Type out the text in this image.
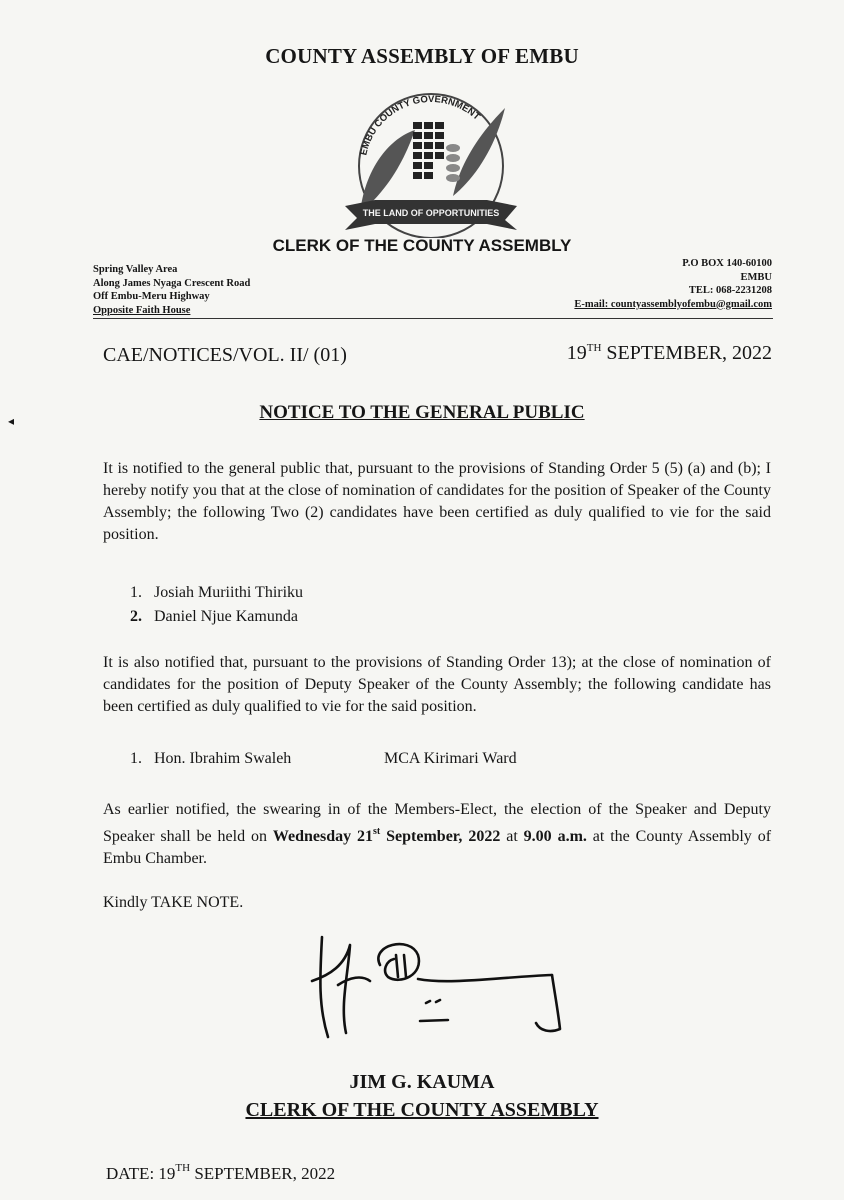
COUNTY ASSEMBLY OF EMBU
EMBU COUNTY GOVERNMENT
THE LAND OF OPPORTUNITIES
CLERK OF THE COUNTY ASSEMBLY
Spring Valley Area
Along James Nyaga Crescent Road
Off Embu-Meru Highway
Opposite Faith House
P.O BOX 140-60100
EMBU
TEL: 068-2231208
E-mail: countyassemblyofembu@gmail.com
CAE/NOTICES/VOL. II/ (01)	19TH SEPTEMBER, 2022
◂	NOTICE TO THE GENERAL PUBLIC
It is notified to the general public that, pursuant to the provisions of Standing Order 5 (5) (a) and (b); I hereby notify you that at the close of nomination of candidates for the position of Speaker of the County Assembly; the following Two (2) candidates have been certified as duly qualified to vie for the said position.
1. Josiah Muriithi Thiriku
2. Daniel Njue Kamunda
It is also notified that, pursuant to the provisions of Standing Order 13); at the close of nomination of candidates for the position of Deputy Speaker of the County Assembly; the following candidate has been certified as duly qualified to vie for the said position.
1. Hon. Ibrahim Swaleh	MCA Kirimari Ward
As earlier notified, the swearing in of the Members-Elect, the election of the Speaker and Deputy Speaker shall be held on Wednesday 21st September, 2022 at 9.00 a.m. at the County Assembly of Embu Chamber.
Kindly TAKE NOTE.
JIM G. KAUMA
CLERK OF THE COUNTY ASSEMBLY
DATE: 19TH SEPTEMBER, 2022
